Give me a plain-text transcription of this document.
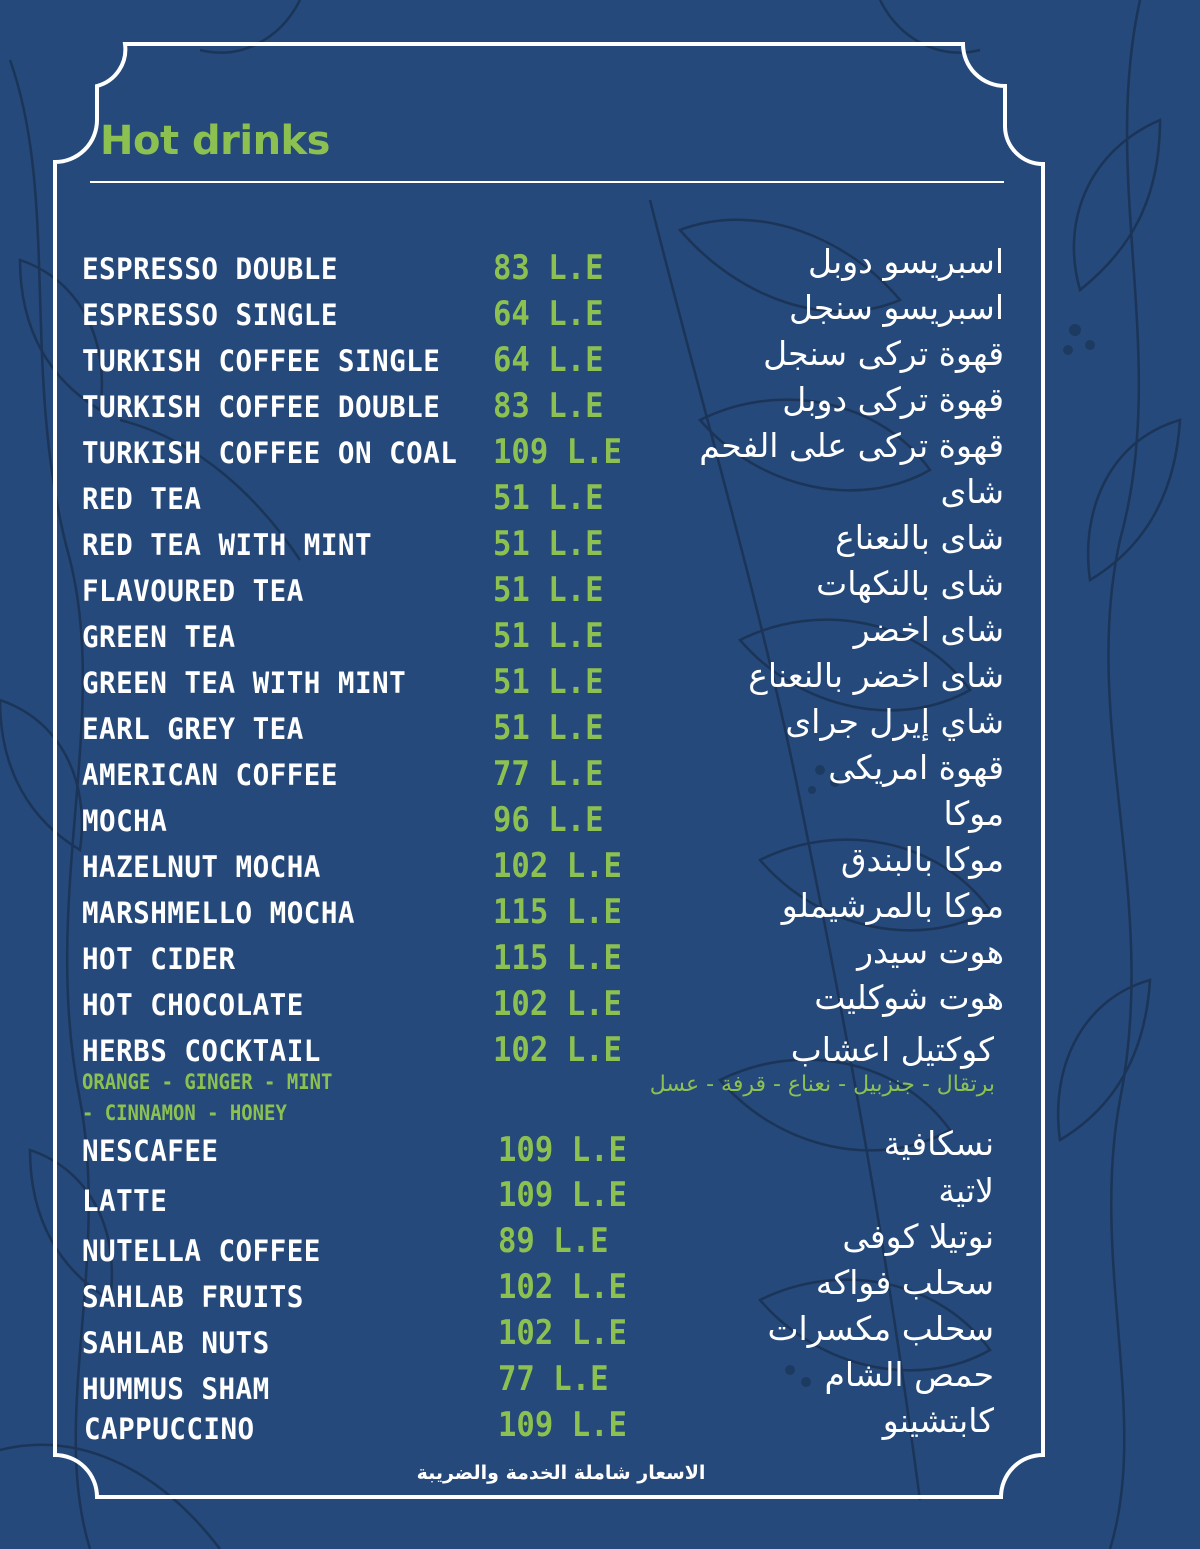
Hot drinks
ESPRESSO DOUBLE	83 L.E	اسبريسو دوبل
ESPRESSO SINGLE	64 L.E	اسبريسو سنجل
TURKISH COFFEE SINGLE 64 L.E	قهوة تركى سنجل
TURKISH COFFEE DOUBLE 83 L.E	قهوة تركى دوبل
TURKISH COFFEE ON COAL 109 L.E قهوة تركى على الفحم
RED TEA	51 L.E	شاى
RED TEA WITH MINT	51 L.E	شاى بالنعناع
FLAVOURED TEA	51 L.E	شاى بالنكهات
GREEN TEA	51 L.E	شاى اخضر
GREEN TEA WITH MINT	51 L.E	شاى اخضر بالنعناع
EARL GREY TEA	51 L.E	شاي إيرل جراى
AMERICAN COFFEE	77 L.E	قهوة امريكى
MOCHA	96 L.E	موكا
HAZELNUT MOCHA	102 L.E	موكا بالبندق
MARSHMELLO MOCHA	115 L.E	موكا بالمرشيملو
HOT CIDER	115 L.E	هوت سيدر
HOT CHOCOLATE	102 L.E	هوت شوكليت
HERBS COCKTAIL	102 L.E	كوكتيل اعشاب
ORANGE - GINGER - MINT
- CINNAMON - HONEY
برتقال - جنزبيل - نعناع - قرفة - عسل
NESCAFEE	109 L.E	نسكافية
LATTE	109 L.E	لاتية
NUTELLA COFFEE	89 L.E	نوتيلا كوفى
SAHLAB FRUITS	102 L.E	سحلب فواكه
SAHLAB NUTS	102 L.E	سحلب مكسرات
HUMMUS SHAM	77 L.E	حمص الشام
CAPPUCCINO	109 L.E	كابتشينو
الاسعار شاملة الخدمة والضريبة
